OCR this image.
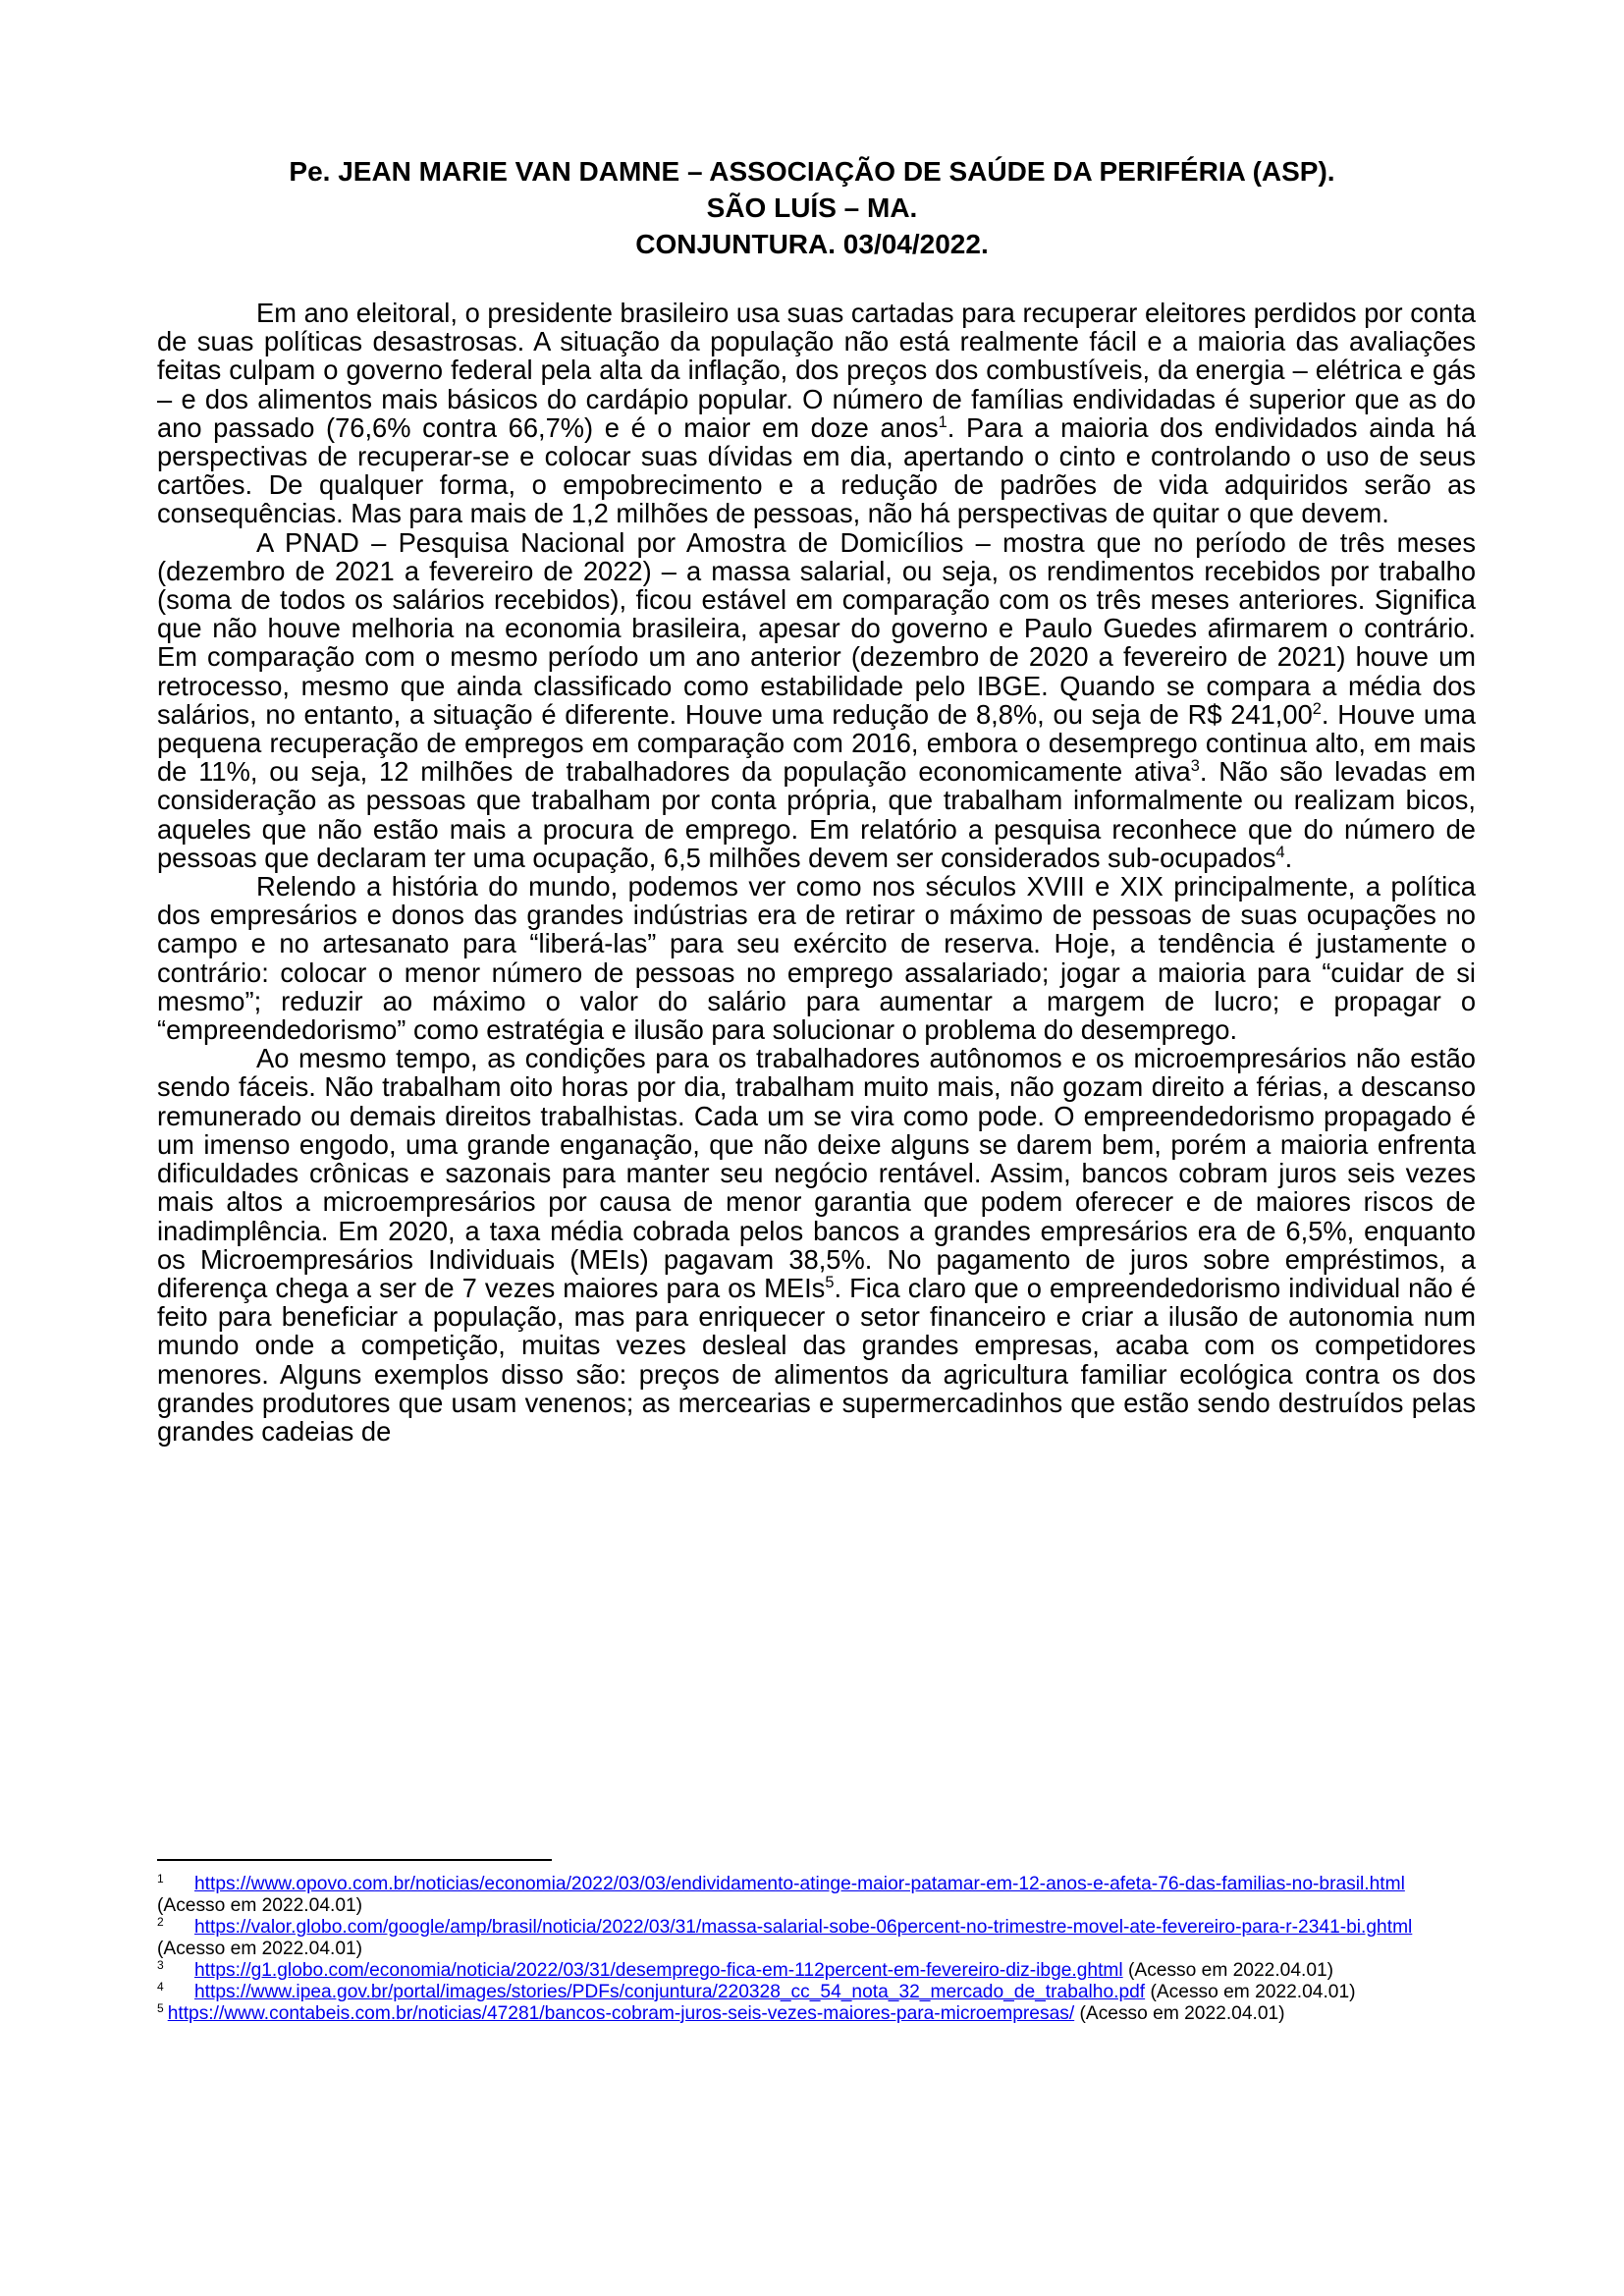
Pe. JEAN MARIE VAN DAMNE – ASSOCIAÇÃO DE SAÚDE DA PERIFÉRIA (ASP).
SÃO LUÍS – MA.
CONJUNTURA. 03/04/2022.

Em ano eleitoral, o presidente brasileiro usa suas cartadas para recuperar eleitores perdidos por conta de suas políticas desastrosas. A situação da população não está realmente fácil e a maioria das avaliações feitas culpam o governo federal pela alta da inflação, dos preços dos combustíveis, da energia – elétrica e gás – e dos alimentos mais básicos do cardápio popular. O número de famílias endividadas é superior que as do ano passado (76,6% contra 66,7%) e é o maior em doze anos$^1$. Para a maioria dos endividados ainda há perspectivas de recuperar-se e colocar suas dívidas em dia, apertando o cinto e controlando o uso de seus cartões. De qualquer forma, o empobrecimento e a redução de padrões de vida adquiridos serão as consequências. Mas para mais de 1,2 milhões de pessoas, não há perspectivas de quitar o que devem.

A PNAD – Pesquisa Nacional por Amostra de Domicílios – mostra que no período de três meses (dezembro de 2021 a fevereiro de 2022) – a massa salarial, ou seja, os rendimentos recebidos por trabalho (soma de todos os salários recebidos), ficou estável em comparação com os três meses anteriores. Significa que não houve melhoria na economia brasileira, apesar do governo e Paulo Guedes afirmarem o contrário. Em comparação com o mesmo período um ano anterior (dezembro de 2020 a fevereiro de 2021) houve um retrocesso, mesmo que ainda classificado como estabilidade pelo IBGE. Quando se compara a média dos salários, no entanto, a situação é diferente. Houve uma redução de 8,8%, ou seja de R$ 241,00$^2$. Houve uma pequena recuperação de empregos em comparação com 2016, embora o desemprego continua alto, em mais de 11%, ou seja, 12 milhões de trabalhadores da população economicamente ativa$^3$. Não são levadas em consideração as pessoas que trabalham por conta própria, que trabalham informalmente ou realizam bicos, aqueles que não estão mais a procura de emprego. Em relatório a pesquisa reconhece que do número de pessoas que declaram ter uma ocupação, 6,5 milhões devem ser considerados sub-ocupados$^4$.

Relendo a história do mundo, podemos ver como nos séculos XVIII e XIX principalmente, a política dos empresários e donos das grandes indústrias era de retirar o máximo de pessoas de suas ocupações no campo e no artesanato para “liberá-las” para seu exército de reserva. Hoje, a tendência é justamente o contrário: colocar o menor número de pessoas no emprego assalariado; jogar a maioria para “cuidar de si mesmo”; reduzir ao máximo o valor do salário para aumentar a margem de lucro; e propagar o “empreendedorismo” como estratégia e ilusão para solucionar o problema do desemprego.

Ao mesmo tempo, as condições para os trabalhadores autônomos e os microempresários não estão sendo fáceis. Não trabalham oito horas por dia, trabalham muito mais, não gozam direito a férias, a descanso remunerado ou demais direitos trabalhistas. Cada um se vira como pode. O empreendedorismo propagado é um imenso engodo, uma grande enganação, que não deixe alguns se darem bem, porém a maioria enfrenta dificuldades crônicas e sazonais para manter seu negócio rentável. Assim, bancos cobram juros seis vezes mais altos a microempresários por causa de menor garantia que podem oferecer e de maiores riscos de inadimplência. Em 2020, a taxa média cobrada pelos bancos a grandes empresários era de 6,5%, enquanto os Microempresários Individuais (MEIs) pagavam 38,5%. No pagamento de juros sobre empréstimos, a diferença chega a ser de 7 vezes maiores para os MEIs$^5$. Fica claro que o empreendedorismo individual não é feito para beneficiar a população, mas para enriquecer o setor financeiro e criar a ilusão de autonomia num mundo onde a competição, muitas vezes desleal das grandes empresas, acaba com os competidores menores. Alguns exemplos disso são: preços de alimentos da agricultura familiar ecológica contra os dos grandes produtores que usam venenos; as mercearias e supermercadinhos que estão sendo destruídos pelas grandes cadeias de

1 https://www.opovo.com.br/noticias/economia/2022/03/03/endividamento-atinge-maior-patamar-em-12-anos-e-afeta-76-das-familias-no-brasil.html (Acesso em 2022.04.01)

2 https://valor.globo.com/google/amp/brasil/noticia/2022/03/31/massa-salarial-sobe-06percent-no-trimestre-movel-ate-fevereiro-para-r-2341-bi.ghtml (Acesso em 2022.04.01)

3 https://g1.globo.com/economia/noticia/2022/03/31/desemprego-fica-em-112percent-em-fevereiro-diz-ibge.ghtml (Acesso em 2022.04.01)

4 https://www.ipea.gov.br/portal/images/stories/PDFs/conjuntura/220328_cc_54_nota_32_mercado_de_trabalho.pdf (Acesso em 2022.04.01)

5 https://www.contabeis.com.br/noticias/47281/bancos-cobram-juros-seis-vezes-maiores-para-microempresas/ (Acesso em 2022.04.01)
